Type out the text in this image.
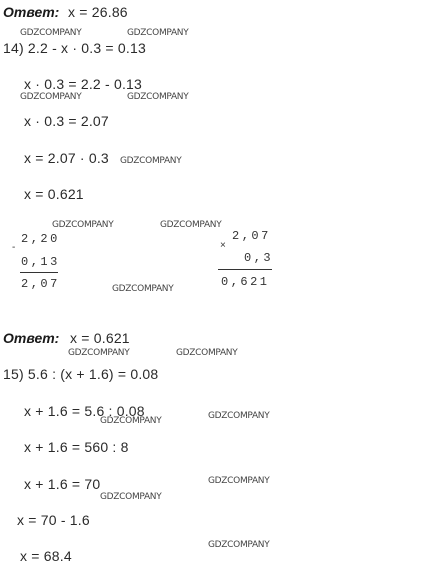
Ответ: x = 26.86
GDZCOMPANY	GDZCOMPANY
14) 2.2 - x · 0.3 = 0.13
x · 0.3 = 2.2 - 0.13
GDZCOMPANY	GDZCOMPANY
x · 0.3 = 2.07
x = 2.07 · 0.3 GDZCOMPANY
x = 0.621
GDZCOMPANY	GDZCOMPANY
-
2,20
0,13
2,07	GDZCOMPANY
×
2,07
0,3
0,621
Ответ: x = 0.621
GDZCOMPANY	GDZCOMPANY
15) 5.6 : (x + 1.6) = 0.08
x + 1.6 = 5.6 : 0.08
GDZCOMPANY	GDZCOMPANY
x + 1.6 = 560 : 8
x + 1.6 = 70	GDZCOMPANY
GDZCOMPANY
x = 70 - 1.6
GDZCOMPANY
x = 68.4
